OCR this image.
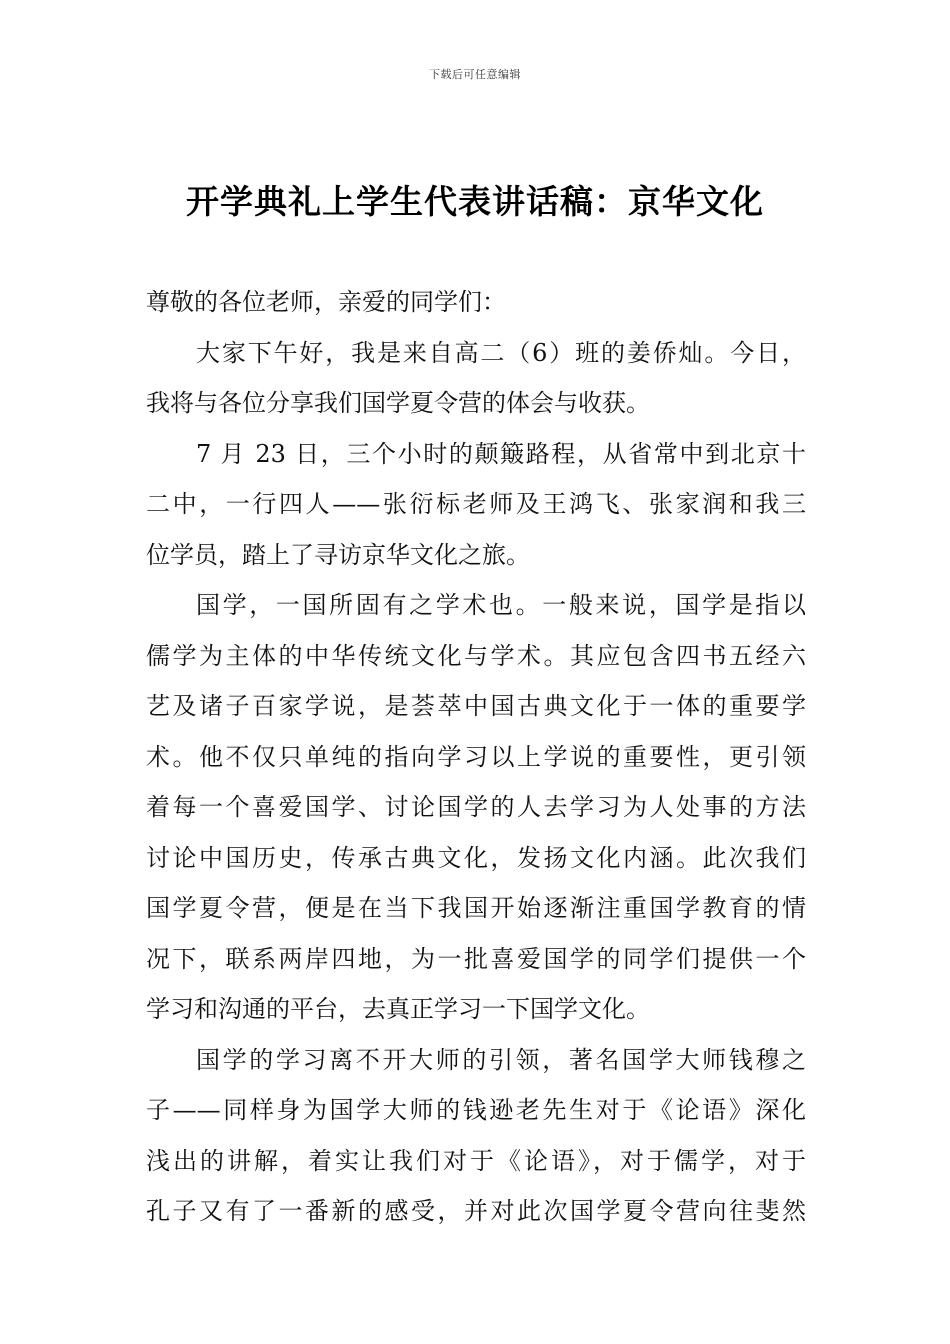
下载后可任意编辑
开学典礼上学生代表讲话稿：京华文化

尊敬的各位老师，亲爱的同学们：

大家下午好，我是来自高二（6）班的姜侨灿。今日，
我将与各位分享我们国学夏令营的体会与收获。
7 月 23 日，三个小时的颠簸路程，从省常中到北京十
二中，一行四人——张衍标老师及王鸿飞、张家润和我三
位学员，踏上了寻访京华文化之旅。
国学，一国所固有之学术也。一般来说，国学是指以
儒学为主体的中华传统文化与学术。其应包含四书五经六
艺及诸子百家学说，是荟萃中国古典文化于一体的重要学
术。他不仅只单纯的指向学习以上学说的重要性，更引领
着每一个喜爱国学、讨论国学的人去学习为人处事的方法
讨论中国历史，传承古典文化，发扬文化内涵。此次我们
国学夏令营，便是在当下我国开始逐渐注重国学教育的情
况下，联系两岸四地，为一批喜爱国学的同学们提供一个
学习和沟通的平台，去真正学习一下国学文化。
国学的学习离不开大师的引领，著名国学大师钱穆之
子——同样身为国学大师的钱逊老先生对于《论语》深化
浅出的讲解，着实让我们对于《论语》，对于儒学，对于
孔子又有了一番新的感受，并对此次国学夏令营向往斐然
